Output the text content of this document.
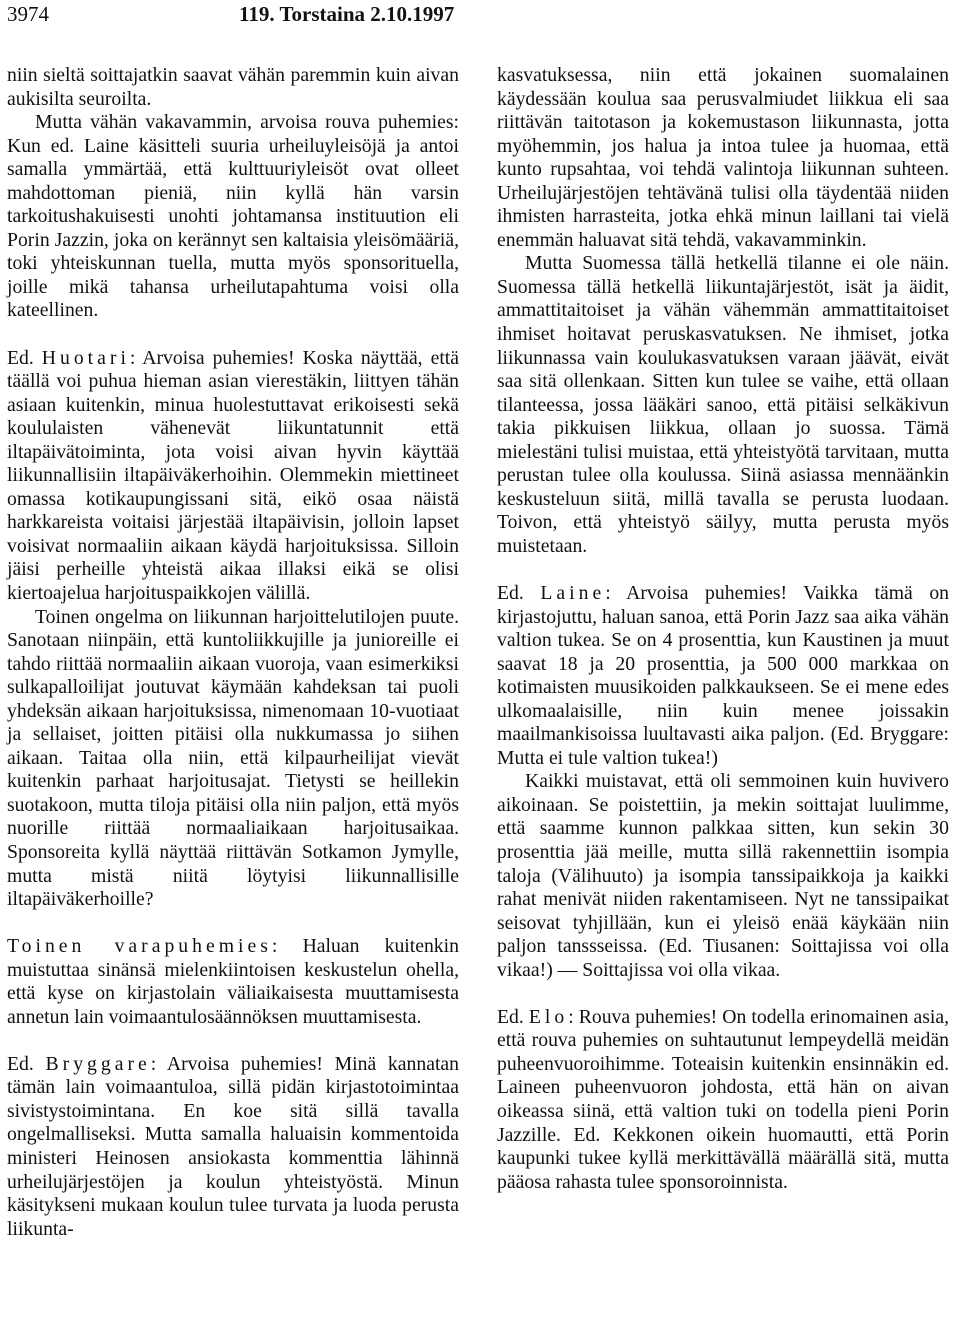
3974	119. Torstaina 2.10.1997

niin sieltä soittajatkin saavat vähän paremmin kuin aivan aukisilta seuroilta.

Mutta vähän vakavammin, arvoisa rouva puhemies: Kun ed. Laine käsitteli suuria urheiluyleisöjä ja antoi samalla ymmärtää, että kulttuuriyleisöt ovat olleet mahdottoman pieniä, niin kyllä hän varsin tarkoitushakuisesti unohti johtamansa instituution eli Porin Jazzin, joka on kerännyt sen kaltaisia yleisömääriä, toki yhteiskunnan tuella, mutta myös sponsorituella, joille mikä tahansa urheilutapahtuma voisi olla kateellinen.

Ed. Huotari: Arvoisa puhemies! Koska näyttää, että täällä voi puhua hieman asian vierestäkin, liittyen tähän asiaan kuitenkin, minua huolestuttavat erikoisesti sekä koululaisten vähenevät liikuntatunnit että iltapäivätoiminta, jota voisi aivan hyvin käyttää liikunnallisiin iltapäiväkerhoihin. Olemmekin miettineet omassa kotikaupungissani sitä, eikö osaa näistä harkkareista voitaisi järjestää iltapäivisin, jolloin lapset voisivat normaaliin aikaan käydä harjoituksissa. Silloin jäisi perheille yhteistä aikaa illaksi eikä se olisi kiertoajelua harjoituspaikkojen välillä.

Toinen ongelma on liikunnan harjoittelutilojen puute. Sanotaan niinpäin, että kuntoliikkujille ja junioreille ei tahdo riittää normaaliin aikaan vuoroja, vaan esimerkiksi sulkapalloilijat joutuvat käymään kahdeksan tai puoli yhdeksän aikaan harjoituksissa, nimenomaan 10-vuotiaat ja sellaiset, joitten pitäisi olla nukkumassa jo siihen aikaan. Taitaa olla niin, että kilpaurheilijat vievät kuitenkin parhaat harjoitusajat. Tietysti se heillekin suotakoon, mutta tiloja pitäisi olla niin paljon, että myös nuorille riittää normaaliaikaan harjoitusaikaa. Sponsoreita kyllä näyttää riittävän Sotkamon Jymylle, mutta mistä niitä löytyisi liikunnallisille iltapäiväkerhoille?

Toinen varapuhemies: Haluan kuitenkin muistuttaa sinänsä mielenkiintoisen keskustelun ohella, että kyse on kirjastolain väliaikaisesta muuttamisesta annetun lain voimaantulosäännöksen muuttamisesta.

Ed. Bryggare: Arvoisa puhemies! Minä kannatan tämän lain voimaantuloa, sillä pidän kirjastotoimintaa sivistystoimintana. En koe sitä sillä tavalla ongelmalliseksi. Mutta samalla haluaisin kommentoida ministeri Heinosen ansiokasta kommenttia lähinnä urheilujärjestöjen ja koulun yhteistyöstä. Minun käsitykseni mukaan koulun tulee turvata ja luoda perusta liikunta-

kasvatuksessa, niin että jokainen suomalainen käydessään koulua saa perusvalmiudet liikkua eli saa riittävän taitotason ja kokemustason liikunnasta, jotta myöhemmin, jos halua ja intoa tulee ja huomaa, että kunto rupsahtaa, voi tehdä valintoja liikunnan suhteen. Urheilujärjestöjen tehtävänä tulisi olla täydentää niiden ihmisten harrasteita, jotka ehkä minun laillani tai vielä enemmän haluavat sitä tehdä, vakavamminkin.

Mutta Suomessa tällä hetkellä tilanne ei ole näin. Suomessa tällä hetkellä liikuntajärjestöt, isät ja äidit, ammattitaitoiset ja vähän vähemmän ammattitaitoiset ihmiset hoitavat peruskasvatuksen. Ne ihmiset, jotka liikunnassa vain koulukasvatuksen varaan jäävät, eivät saa sitä ollenkaan. Sitten kun tulee se vaihe, että ollaan tilanteessa, jossa lääkäri sanoo, että pitäisi selkäkivun takia pikkuisen liikkua, ollaan jo suossa. Tämä mielestäni tulisi muistaa, että yhteistyötä tarvitaan, mutta perustan tulee olla koulussa. Siinä asiassa mennäänkin keskusteluun siitä, millä tavalla se perusta luodaan. Toivon, että yhteistyö säilyy, mutta perusta myös muistetaan.

Ed. Laine: Arvoisa puhemies! Vaikka tämä on kirjastojuttu, haluan sanoa, että Porin Jazz saa aika vähän valtion tukea. Se on 4 prosenttia, kun Kaustinen ja muut saavat 18 ja 20 prosenttia, ja 500 000 markkaa on kotimaisten muusikoiden palkkaukseen. Se ei mene edes ulkomaalaisille, niin kuin menee joissakin maailmankisoissa luultavasti aika paljon. (Ed. Bryggare: Mutta ei tule valtion tukea!)

Kaikki muistavat, että oli semmoinen kuin huvivero aikoinaan. Se poistettiin, ja mekin soittajat luulimme, että saamme kunnon palkkaa sitten, kun sekin 30 prosenttia jää meille, mutta sillä rakennettiin isompia taloja (Välihuuto) ja isompia tanssipaikkoja ja kaikki rahat menivät niiden rakentamiseen. Nyt ne tanssipaikat seisovat tyhjillään, kun ei yleisö enää käykään niin paljon tanssseissa. (Ed. Tiusanen: Soittajissa voi olla vikaa!) — Soittajissa voi olla vikaa.

Ed. Elo: Rouva puhemies! On todella erinomainen asia, että rouva puhemies on suhtautunut lempeydellä meidän puheenvuoroihimme. Toteaisin kuitenkin ensinnäkin ed. Laineen puheenvuoron johdosta, että hän on aivan oikeassa siinä, että valtion tuki on todella pieni Porin Jazzille. Ed. Kekkonen oikein huomautti, että Porin kaupunki tukee kyllä merkittävällä määrällä sitä, mutta pääosa rahasta tulee sponsoroinnista.
